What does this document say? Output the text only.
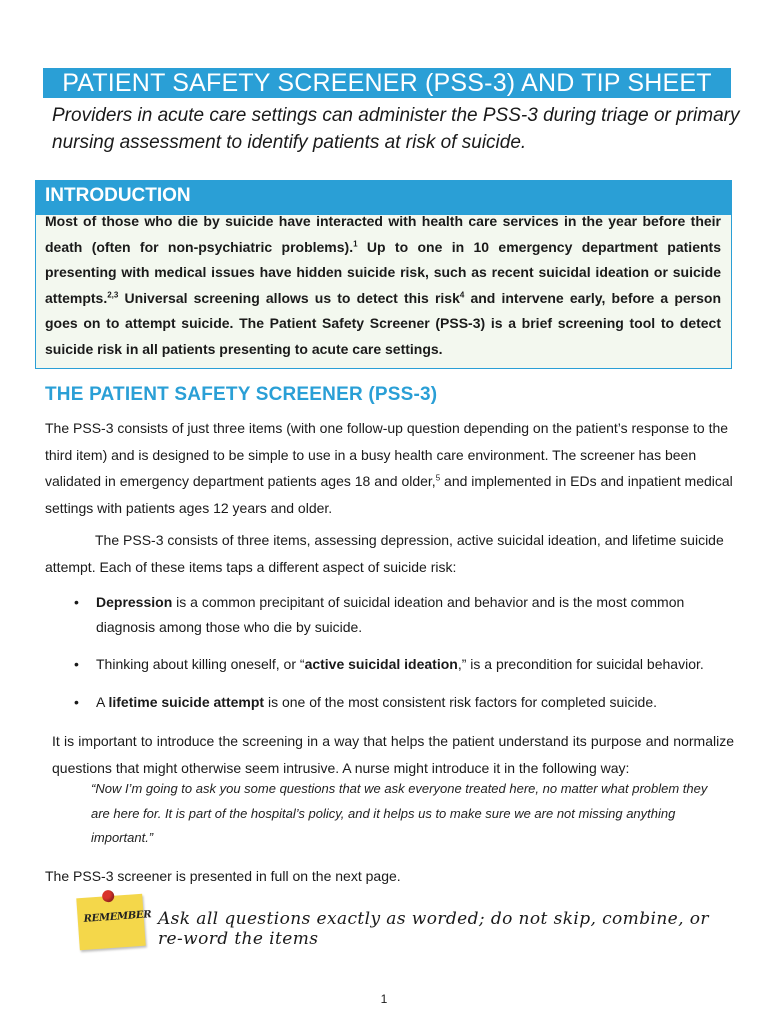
PATIENT SAFETY SCREENER (PSS-3) AND TIP SHEET
Providers in acute care settings can administer the PSS-3 during triage or primary nursing assessment to identify patients at risk of suicide.
INTRODUCTION
Most of those who die by suicide have interacted with health care services in the year before their death (often for non-psychiatric problems).$^1$ Up to one in 10 emergency department patients presenting with medical issues have hidden suicide risk, such as recent suicidal ideation or suicide attempts.$^{2,3}$ Universal screening allows us to detect this risk$^4$ and intervene early, before a person goes on to attempt suicide. The Patient Safety Screener (PSS-3) is a brief screening tool to detect suicide risk in all patients presenting to acute care settings.
THE PATIENT SAFETY SCREENER (PSS-3)
The PSS-3 consists of just three items (with one follow-up question depending on the patient’s response to the third item) and is designed to be simple to use in a busy health care environment. The screener has been validated in emergency department patients ages 18 and older,$^5$ and implemented in EDs and inpatient medical settings with patients ages 12 years and older.
The PSS-3 consists of three items, assessing depression, active suicidal ideation, and lifetime suicide attempt. Each of these items taps a different aspect of suicide risk:
• Depression is a common precipitant of suicidal ideation and behavior and is the most common diagnosis among those who die by suicide.
• Thinking about killing oneself, or “active suicidal ideation,” is a precondition for suicidal behavior.
• A lifetime suicide attempt is one of the most consistent risk factors for completed suicide.
It is important to introduce the screening in a way that helps the patient understand its purpose and normalize questions that might otherwise seem intrusive. A nurse might introduce it in the following way:
“Now I’m going to ask you some questions that we ask everyone treated here, no matter what problem they are here for. It is part of the hospital’s policy, and it helps us to make sure we are not missing anything important.”
The PSS-3 screener is presented in full on the next page.
REMEMBER Ask all questions exactly as worded; do not skip, combine, or re-word the items
1
